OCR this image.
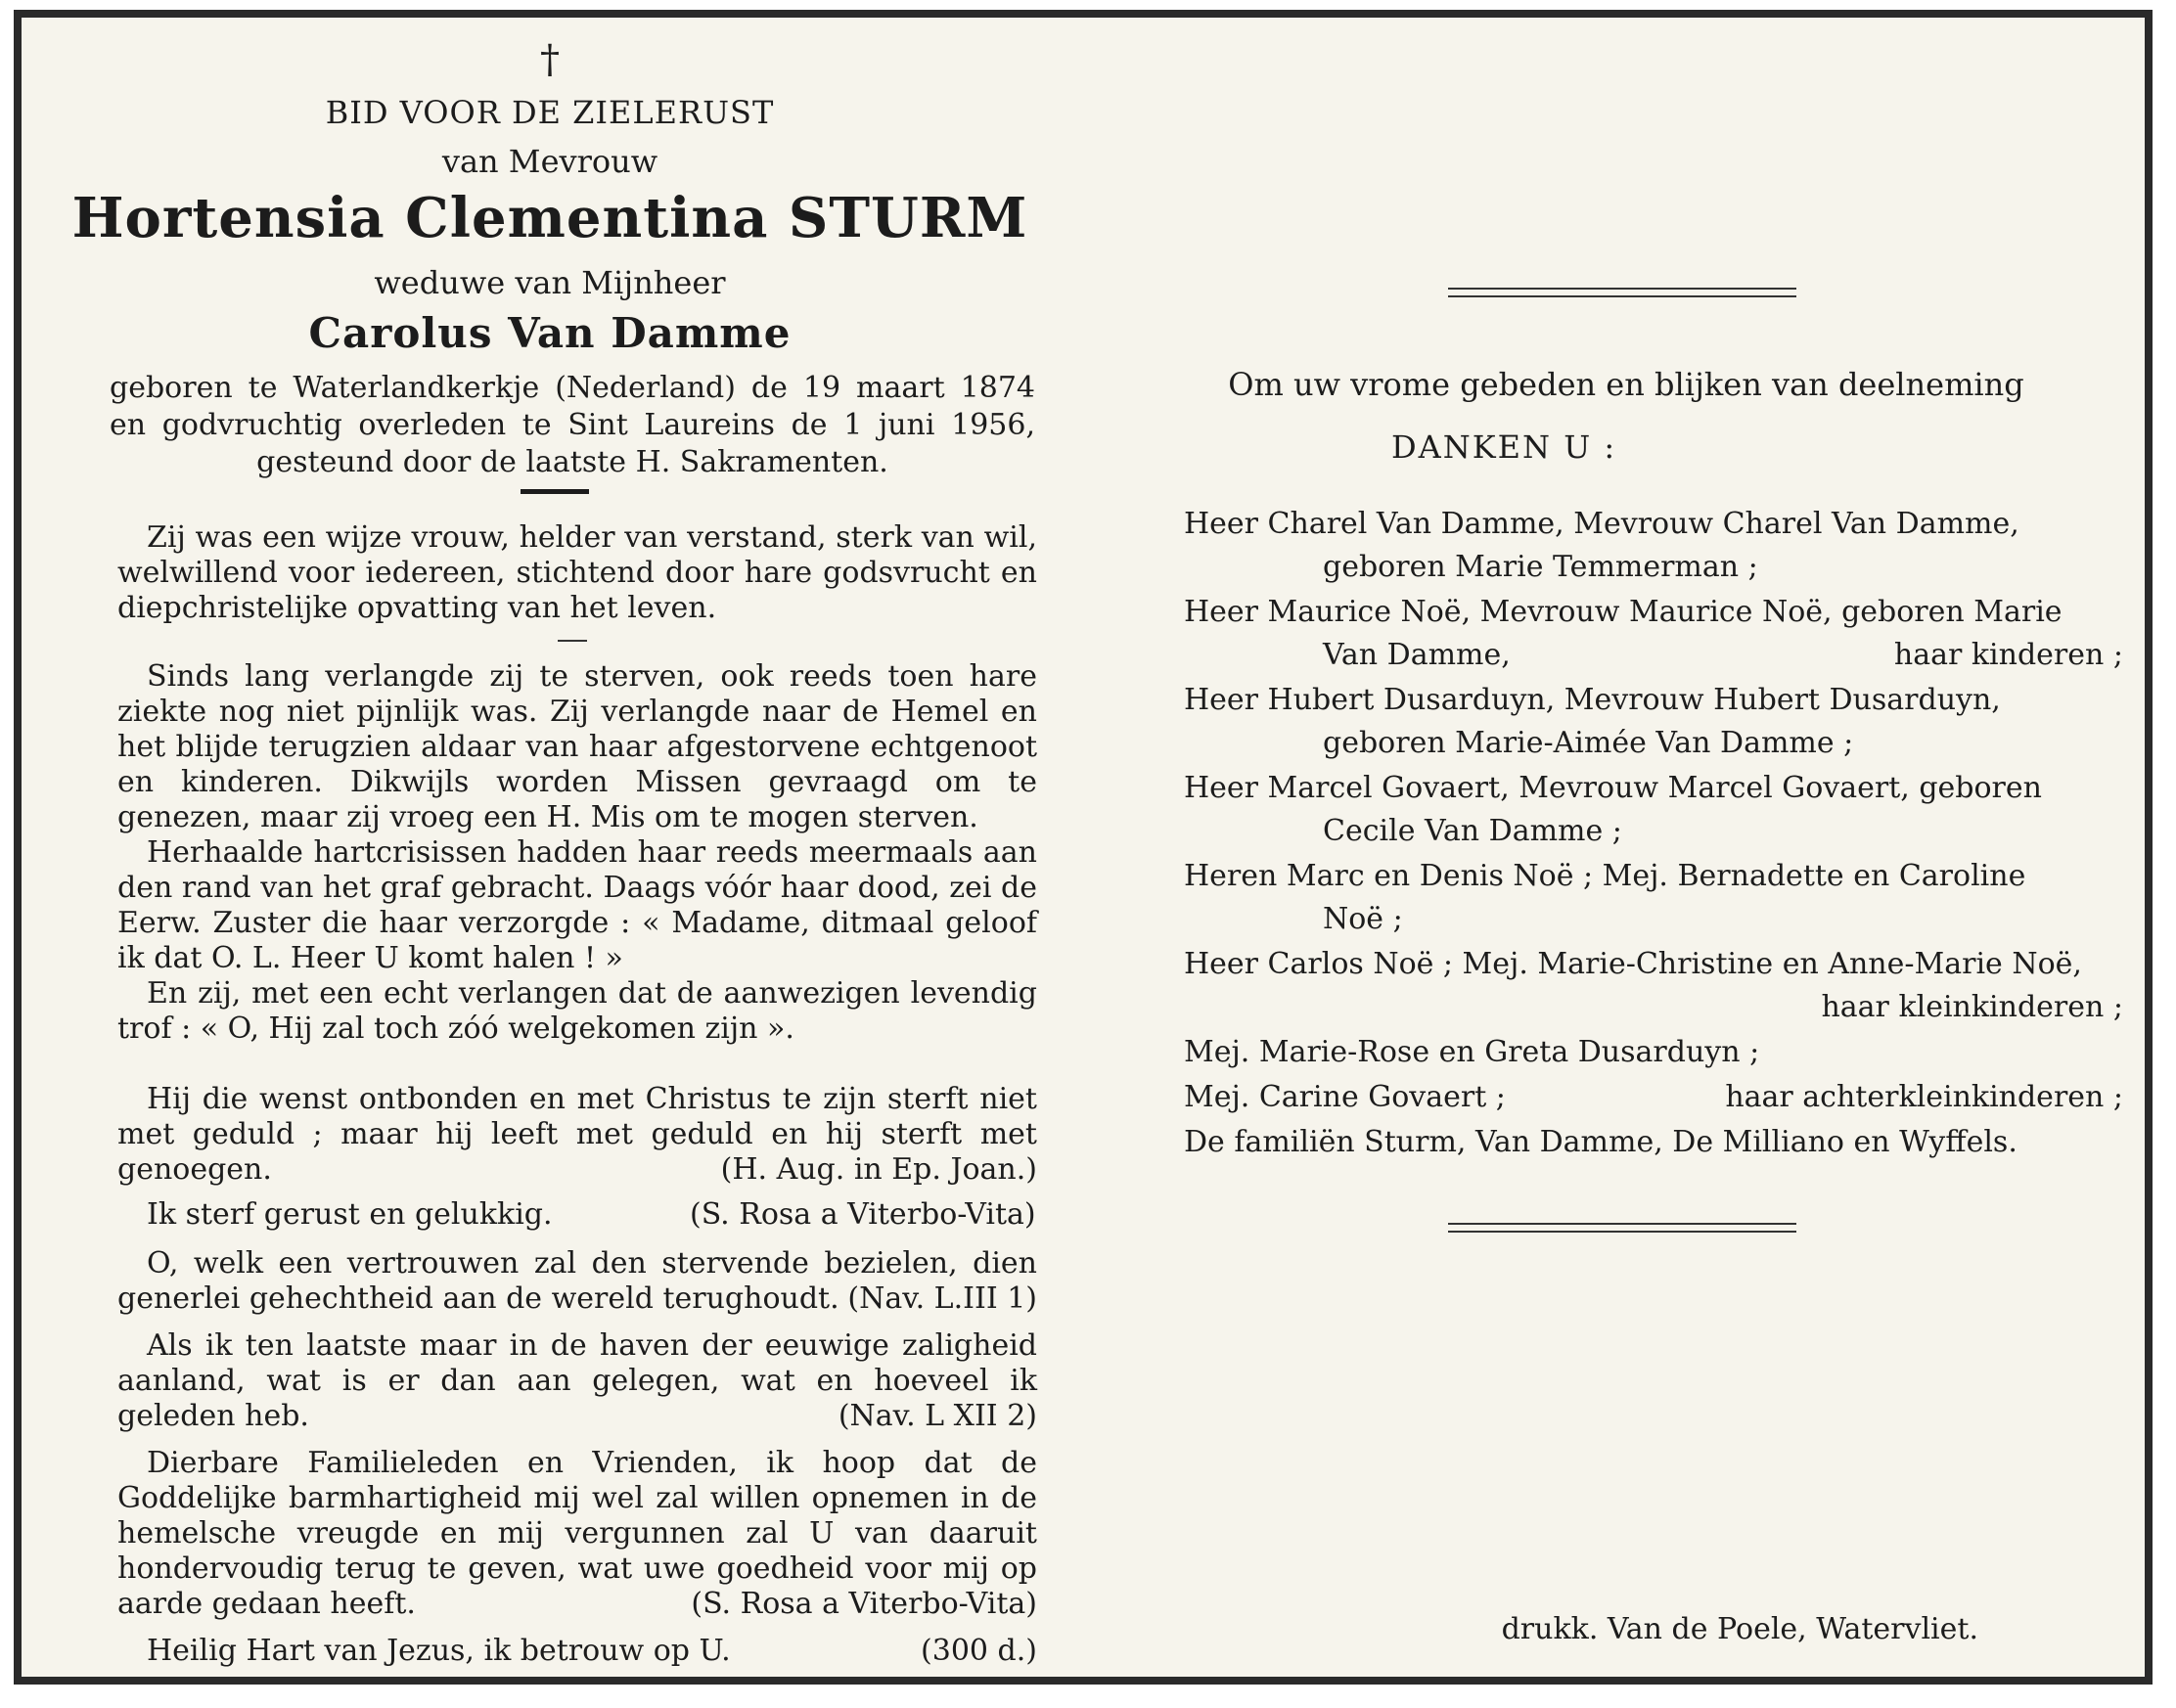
†
BID VOOR DE ZIELERUST
van Mevrouw
Hortensia Clementina STURM
weduwe van Mijnheer
Carolus Van Damme
geboren te Waterlandkerkje (Nederland) de 19 maart 1874
en godvruchtig overleden te Sint Laureins de 1 juni 1956,
gesteund door de laatste H. Sakramenten.

Zij was een wijze vrouw, helder van verstand, sterk van wil, welwillend voor iedereen, stichtend door hare godsvrucht en diepchristelijke opvatting van het leven.

Sinds lang verlangde zij te sterven, ook reeds toen hare ziekte nog niet pijnlijk was. Zij verlangde naar de Hemel en het blijde terugzien aldaar van haar afgestorvene echtgenoot en kinderen. Dikwijls worden Missen gevraagd om te genezen, maar zij vroeg een H. Mis om te mogen sterven.

Herhaalde hartcrisissen hadden haar reeds meermaals aan den rand van het graf gebracht. Daags vóór haar dood, zei de Eerw. Zuster die haar verzorgde : « Madame, ditmaal geloof ik dat O. L. Heer U komt halen ! »

En zij, met een echt verlangen dat de aanwezigen levendig trof : « O, Hij zal toch zóó welgekomen zijn ».

Hij die wenst ontbonden en met Christus te zijn sterft niet met geduld ; maar hij leeft met geduld en hij sterft met genoegen.	(H. Aug. in Ep. Joan.)

Ik sterf gerust en gelukkig.	(S. Rosa a Viterbo-Vita)

O, welk een vertrouwen zal den stervende bezielen, dien generlei gehechtheid aan de wereld terughoudt. (Nav. L.III 1)

Als ik ten laatste maar in de haven der eeuwige zaligheid aanland, wat is er dan aan gelegen, wat en hoeveel ik geleden heb.	(Nav. L XII 2)

Dierbare Familieleden en Vrienden, ik hoop dat de Goddelijke barmhartigheid mij wel zal willen opnemen in de hemelsche vreugde en mij vergunnen zal U van daaruit hondervoudig terug te geven, wat uwe goedheid voor mij op aarde gedaan heeft.	(S. Rosa a Viterbo-Vita)

Heilig Hart van Jezus, ik betrouw op U.	(300 d.)

Om uw vrome gebeden en blijken van deelneming
DANKEN U :
Heer Charel Van Damme, Mevrouw Charel Van Damme,
geboren Marie Temmerman ;
Heer Maurice Noë, Mevrouw Maurice Noë, geboren Marie
Van Damme,	haar kinderen ;
Heer Hubert Dusarduyn, Mevrouw Hubert Dusarduyn,
geboren Marie-Aimée Van Damme ;
Heer Marcel Govaert, Mevrouw Marcel Govaert, geboren
Cecile Van Damme ;
Heren Marc en Denis Noë ; Mej. Bernadette en Caroline
Noë ;
Heer Carlos Noë ; Mej. Marie-Christine en Anne-Marie Noë,
haar kleinkinderen ;
Mej. Marie-Rose en Greta Dusarduyn ;
Mej. Carine Govaert ;	haar achterkleinkinderen ;
De familiën Sturm, Van Damme, De Milliano en Wyffels.
drukk. Van de Poele, Watervliet.
